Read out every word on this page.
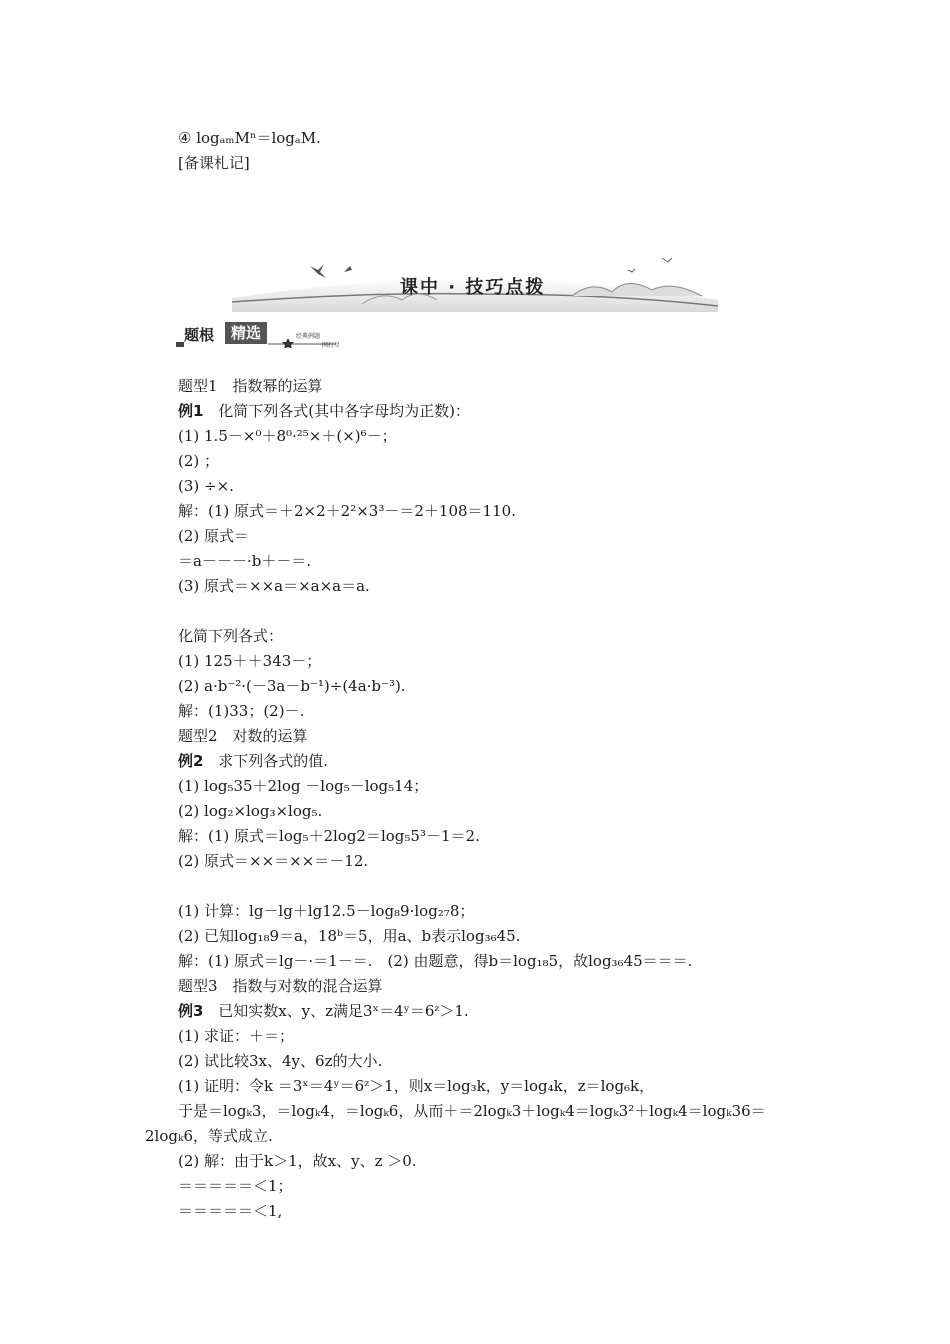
④ logₐₘMⁿ＝logₐM.
[备课札记]
课中 · 技巧点拨
题根	精选	经典例题
一网打尽
题型1　指数幂的运算
例1 化简下列各式(其中各字母均为正数)：
(1) 1.5－×⁰＋8⁰·²⁵×＋(×)⁶－；
(2) ；
(3) ÷×.
解：(1) 原式＝＋2×2＋2²×3³－＝2＋108＝110.
(2) 原式＝
＝a－－－·b＋－＝.
(3) 原式＝××a＝×a×a＝a.
化简下列各式：
(1) 125＋＋343－；
(2) a·b⁻²·(－3a－b⁻¹)÷(4a·b⁻³).
解：(1)33；(2)－.
题型2　对数的运算
例2 求下列各式的值.
(1) log₅35＋2log －log₅－log₅14；
(2) log₂×log₃×log₅.
解：(1) 原式＝log₅＋2log2＝log₅5³－1＝2.
(2) 原式＝××＝××＝－12.
(1) 计算：lg－lg＋lg12.5－log₈9·log₂₇8；
(2) 已知log₁₈9＝a，18ᵇ＝5，用a、b表示log₃₆45.
解：(1) 原式＝lg－·＝1－＝.　(2) 由题意，得b＝log₁₈5，故log₃₆45＝＝＝.
题型3　指数与对数的混合运算
例3 已知实数x、y、z满足3ˣ＝4ʸ＝6ᶻ＞1.
(1) 求证：＋＝；
(2) 试比较3x、4y、6z的大小.
(1) 证明：令k ＝3ˣ＝4ʸ＝6ᶻ＞1，则x＝log₃k，y＝log₄k，z＝log₆k，
于是＝logₖ3，＝logₖ4，＝logₖ6，从而＋＝2logₖ3＋logₖ4＝logₖ3²＋logₖ4＝logₖ36＝
2logₖ6，等式成立.
(2) 解：由于k＞1，故x、y、z ＞0.
＝＝＝＝＝＜1；
＝＝＝＝＝＜1,
